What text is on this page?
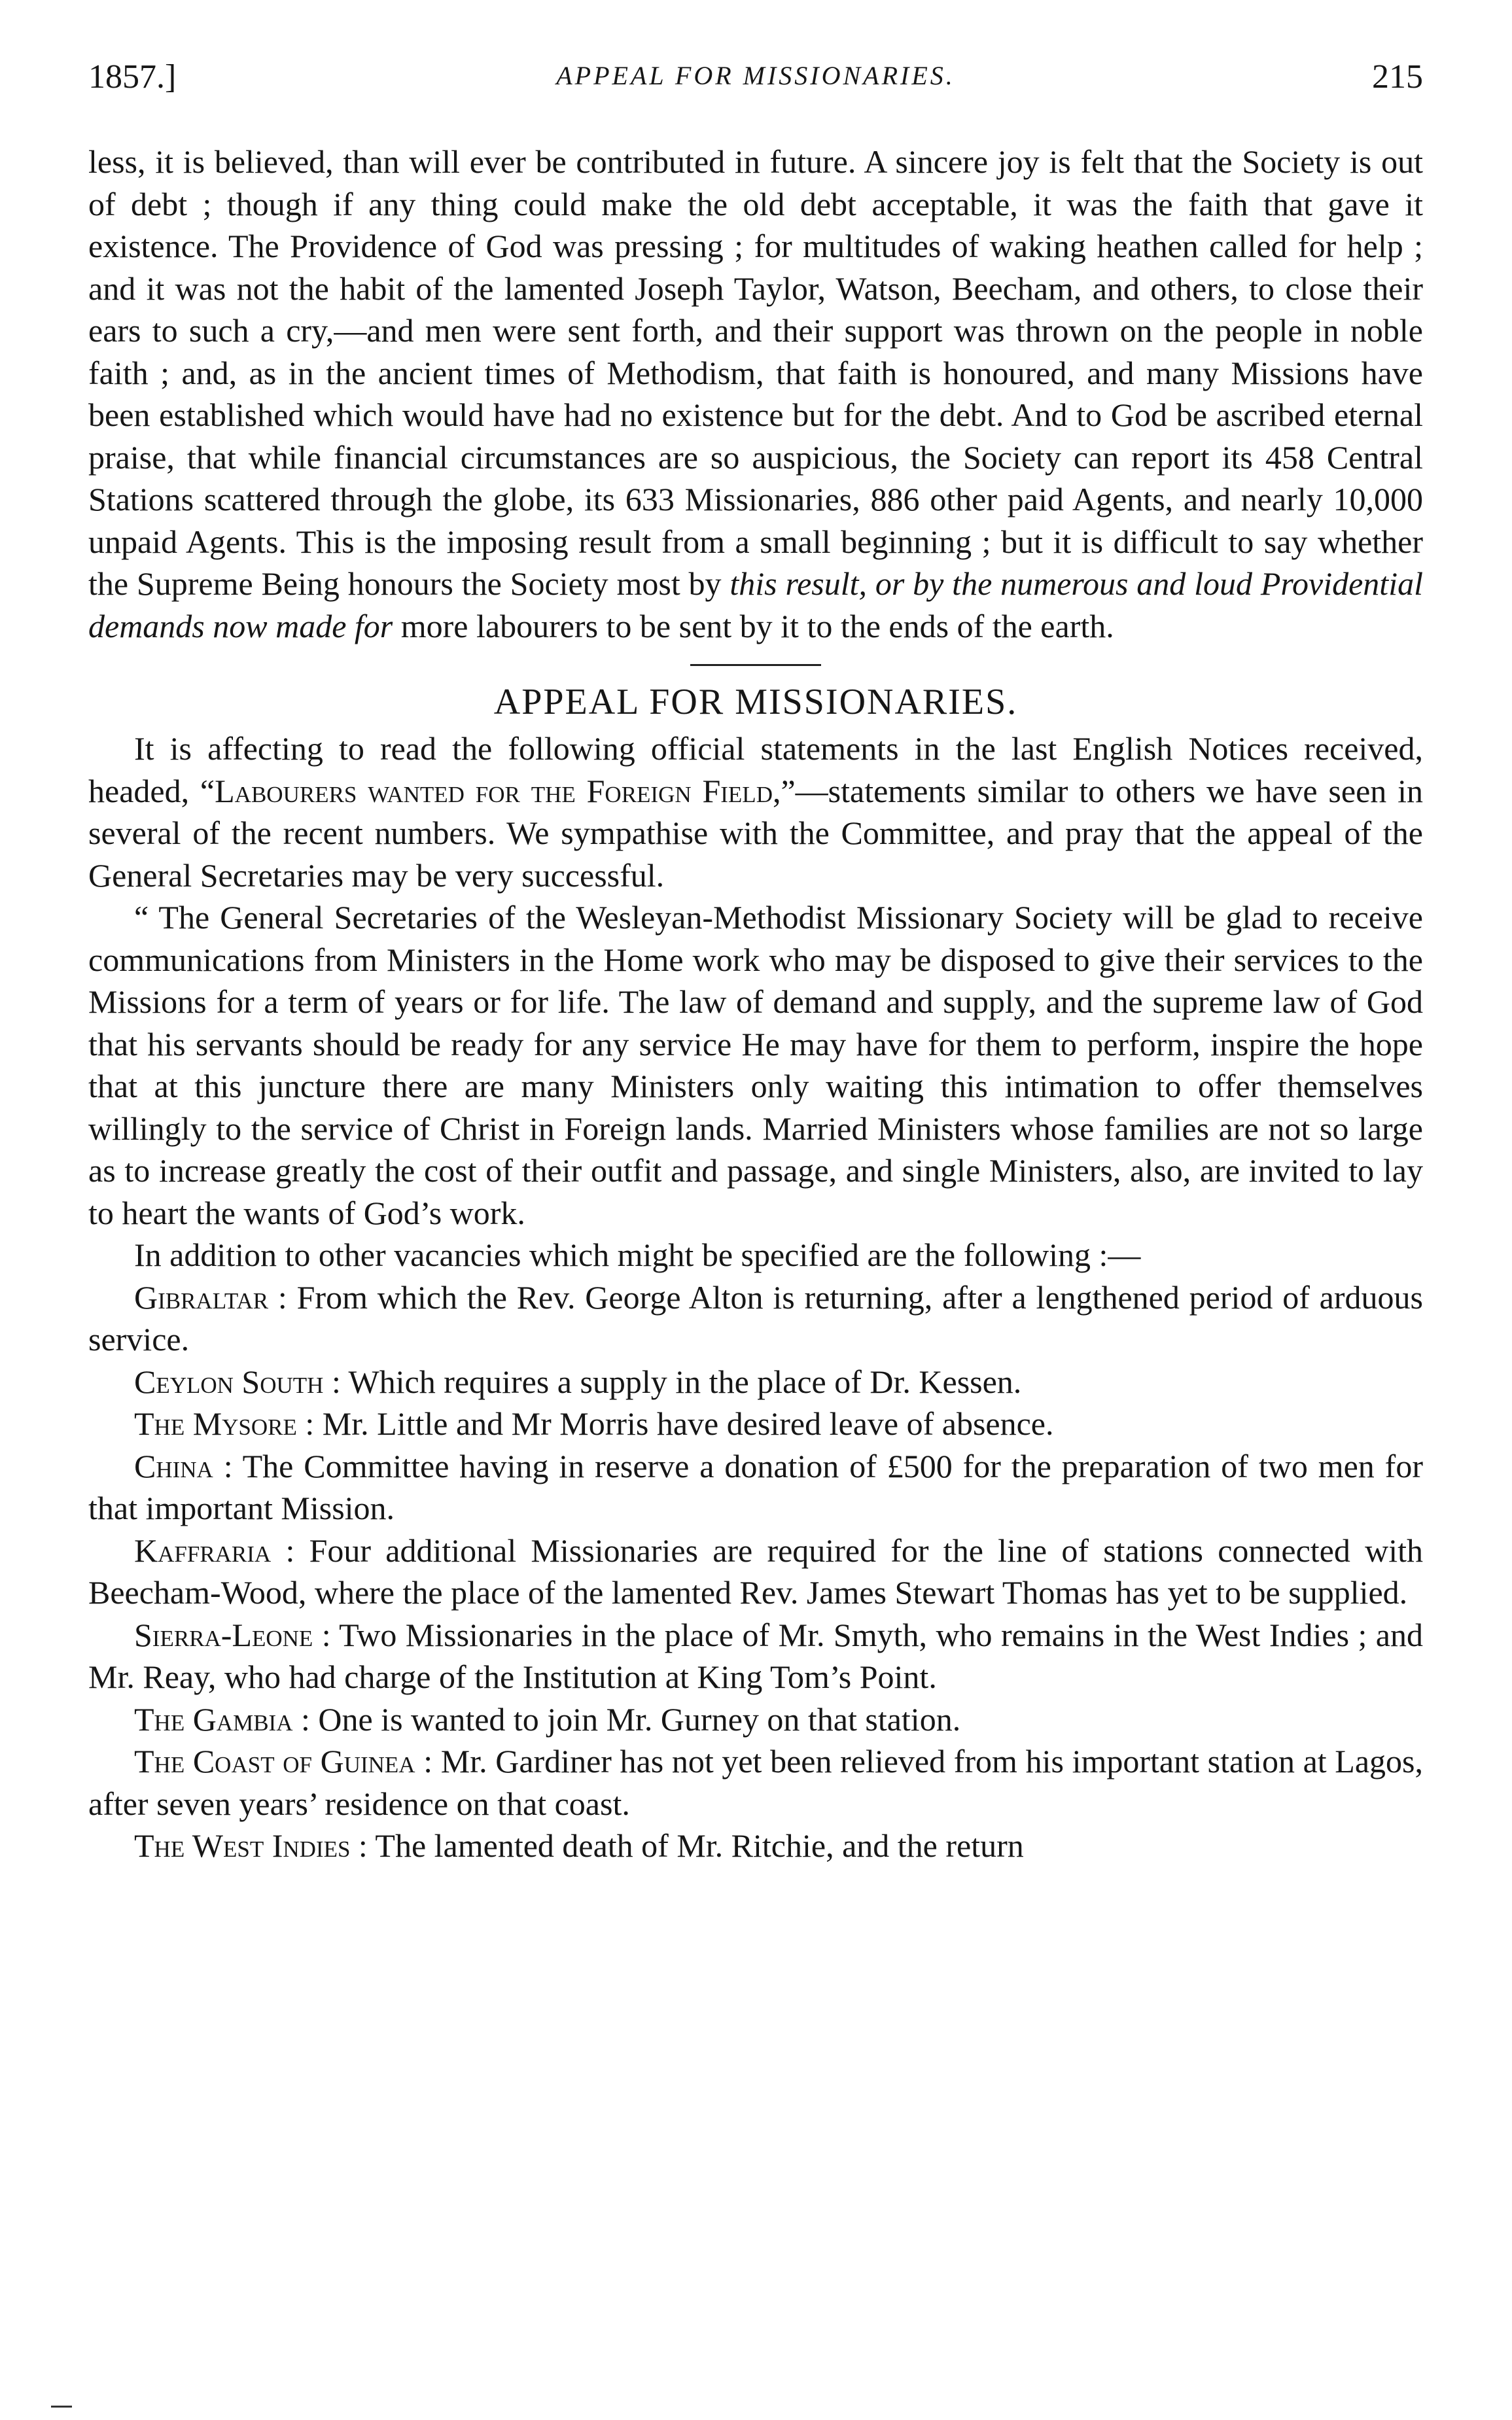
1857.]	APPEAL FOR MISSIONARIES.	215

less, it is believed, than will ever be contributed in future. A sincere joy is felt that the Society is out of debt ; though if any thing could make the old debt acceptable, it was the faith that gave it existence. The Providence of God was pressing ; for multitudes of waking heathen called for help ; and it was not the habit of the lamented Joseph Taylor, Watson, Beecham, and others, to close their ears to such a cry,—and men were sent forth, and their support was thrown on the people in noble faith ; and, as in the ancient times of Methodism, that faith is honoured, and many Missions have been established which would have had no existence but for the debt. And to God be ascribed eternal praise, that while financial circumstances are so auspicious, the Society can report its 458 Central Stations scattered through the globe, its 633 Missionaries, 886 other paid Agents, and nearly 10,000 unpaid Agents. This is the imposing result from a small beginning ; but it is difficult to say whether the Supreme Being honours the Society most by this result, or by the numerous and loud Providential demands now made for more labourers to be sent by it to the ends of the earth.

APPEAL FOR MISSIONARIES.

It is affecting to read the following official statements in the last English Notices received, headed, “Labourers wanted for the Foreign Field,”—statements similar to others we have seen in several of the recent numbers. We sympathise with the Committee, and pray that the appeal of the General Secretaries may be very successful.

“ The General Secretaries of the Wesleyan-Methodist Missionary Society will be glad to receive communications from Ministers in the Home work who may be disposed to give their services to the Missions for a term of years or for life. The law of demand and supply, and the supreme law of God that his servants should be ready for any service He may have for them to perform, inspire the hope that at this juncture there are many Ministers only waiting this intimation to offer themselves willingly to the service of Christ in Foreign lands. Married Ministers whose families are not so large as to increase greatly the cost of their outfit and passage, and single Ministers, also, are invited to lay to heart the wants of God’s work.

In addition to other vacancies which might be specified are the following :—

Gibraltar : From which the Rev. George Alton is returning, after a lengthened period of arduous service.

Ceylon South : Which requires a supply in the place of Dr. Kessen.

The Mysore : Mr. Little and Mr Morris have desired leave of absence.

China : The Committee having in reserve a donation of £500 for the preparation of two men for that important Mission.

Kaffraria : Four additional Missionaries are required for the line of stations connected with Beecham-Wood, where the place of the lamented Rev. James Stewart Thomas has yet to be supplied.

Sierra-Leone : Two Missionaries in the place of Mr. Smyth, who remains in the West Indies ; and Mr. Reay, who had charge of the Institution at King Tom’s Point.

The Gambia : One is wanted to join Mr. Gurney on that station.

The Coast of Guinea : Mr. Gardiner has not yet been relieved from his important station at Lagos, after seven years’ residence on that coast.

The West Indies : The lamented death of Mr. Ritchie, and the return
